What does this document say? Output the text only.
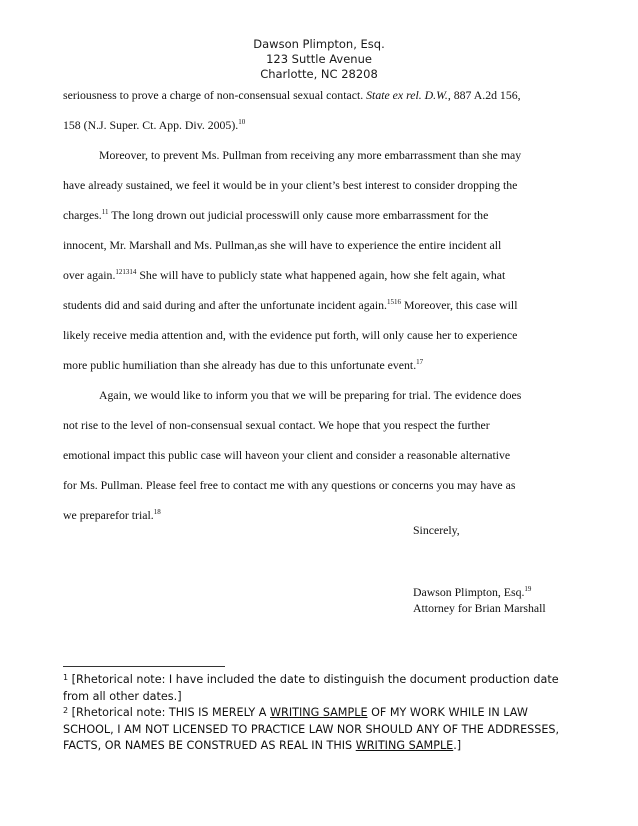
Dawson Plimpton, Esq.
123 Suttle Avenue
Charlotte, NC 28208
seriousness to prove a charge of non-consensual sexual contact. State ex rel. D.W., 887 A.2d 156,
158 (N.J. Super. Ct. App. Div. 2005).$^{10}$
Moreover, to prevent Ms. Pullman from receiving any more embarrassment than she may
have already sustained, we feel it would be in your client’s best interest to consider dropping the
charges.$^{11}$ The long drown out judicial processwill only cause more embarrassment for the
innocent, Mr. Marshall and Ms. Pullman,as she will have to experience the entire incident all
over again.$^{121314}$ She will have to publicly state what happened again, how she felt again, what
students did and said during and after the unfortunate incident again.$^{1516}$ Moreover, this case will
likely receive media attention and, with the evidence put forth, will only cause her to experience
more public humiliation than she already has due to this unfortunate event.$^{17}$
Again, we would like to inform you that we will be preparing for trial. The evidence does
not rise to the level of non-consensual sexual contact. We hope that you respect the further
emotional impact this public case will haveon your client and consider a reasonable alternative
for Ms. Pullman. Please feel free to contact me with any questions or concerns you may have as
we preparefor trial.$^{18}$
Sincerely,
Dawson Plimpton, Esq.$^{19}$
Attorney for Brian Marshall
$^1$ [Rhetorical note: I have included the date to distinguish the document production date
from all other dates.]
$^2$ [Rhetorical note: THIS IS MERELY A WRITING SAMPLE OF MY WORK WHILE IN LAW
SCHOOL, I AM NOT LICENSED TO PRACTICE LAW NOR SHOULD ANY OF THE ADDRESSES,
FACTS, OR NAMES BE CONSTRUED AS REAL IN THIS WRITING SAMPLE.]
